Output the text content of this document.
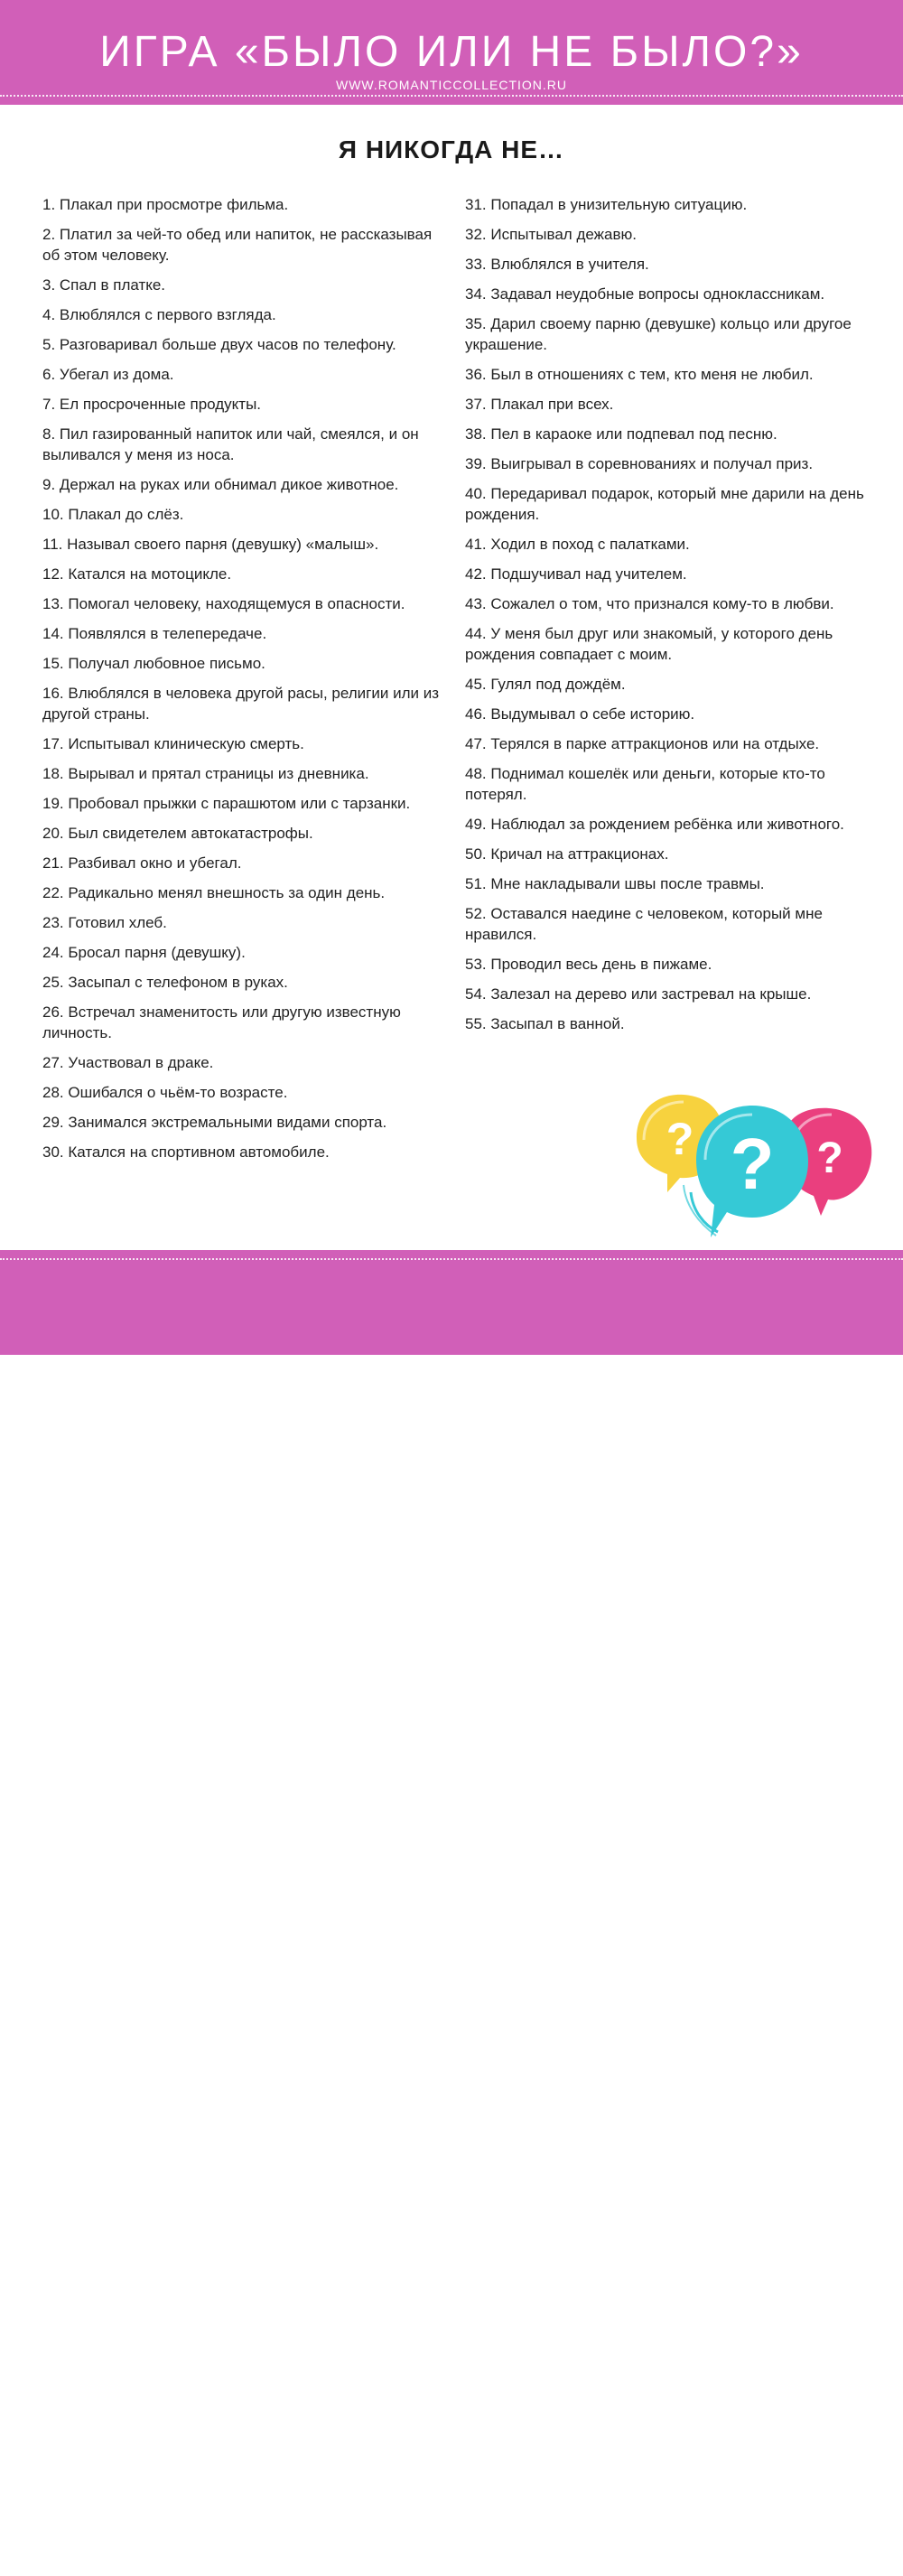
ИГРА «БЫЛО ИЛИ НЕ БЫЛО?»
WWW.ROMANTICCOLLECTION.RU
Я НИКОГДА НЕ…
1. Плакал при просмотре фильма.
2. Платил за чей-то обед или напиток, не рассказывая об этом человеку.
3. Спал в платке.
4. Влюблялся с первого взгляда.
5. Разговаривал больше двух часов по телефону.
6. Убегал из дома.
7. Ел просроченные продукты.
8. Пил газированный напиток или чай, смеялся, и он выливался у меня из носа.
9. Держал на руках или обнимал дикое животное.
10. Плакал до слёз.
11. Называл своего парня (девушку) «малыш».
12. Катался на мотоцикле.
13. Помогал человеку, находящемуся в опасности.
14. Появлялся в телепередаче.
15. Получал любовное письмо.
16. Влюблялся в человека другой расы, религии или из другой страны.
17. Испытывал клиническую смерть.
18. Вырывал и прятал страницы из дневника.
19. Пробовал прыжки с парашютом или с тарзанки.
20. Был свидетелем автокатастрофы.
21. Разбивал окно и убегал.
22. Радикально менял внешность за один день.
23. Готовил хлеб.
24. Бросал парня (девушку).
25. Засыпал с телефоном в руках.
26. Встречал знаменитость или другую известную личность.
27. Участвовал в драке.
28. Ошибался о чьём-то возрасте.
29. Занимался экстремальными видами спорта.
30. Катался на спортивном автомобиле.
31. Попадал в унизительную ситуацию.
32. Испытывал дежавю.
33. Влюблялся в учителя.
34. Задавал неудобные вопросы одноклассникам.
35. Дарил своему парню (девушке) кольцо или другое украшение.
36. Был в отношениях с тем, кто меня не любил.
37. Плакал при всех.
38. Пел в караоке или подпевал под песню.
39. Выигрывал в соревнованиях и получал приз.
40. Передаривал подарок, который мне дарили на день рождения.
41. Ходил в поход с палатками.
42. Подшучивал над учителем.
43. Сожалел о том, что признался кому-то в любви.
44. У меня был друг или знакомый, у которого день рождения совпадает с моим.
45. Гулял под дождём.
46. Выдумывал о себе историю.
47. Терялся в парке аттракционов или на отдыхе.
48. Поднимал кошелёк или деньги, которые кто-то потерял.
49. Наблюдал за рождением ребёнка или животного.
50. Кричал на аттракционах.
51. Мне накладывали швы после травмы.
52. Оставался наедине с человеком, который мне нравился.
53. Проводил весь день в пижаме.
54. Залезал на дерево или застревал на крыше.
55. Засыпал в ванной.
?	?
?
WWW.ROMANTICCOLLECTION.RU
